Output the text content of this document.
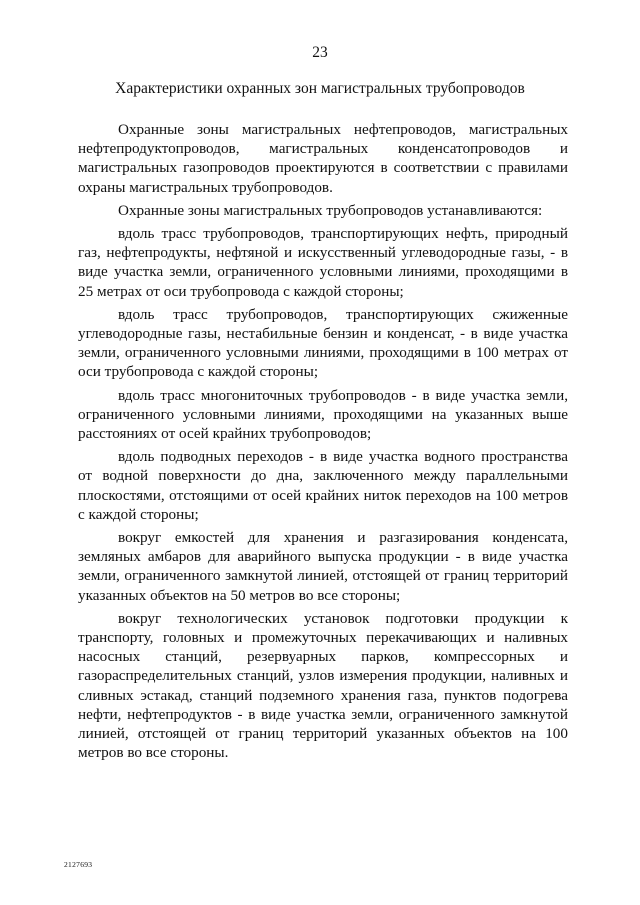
23
Характеристики охранных зон магистральных трубопроводов

Охранные зоны магистральных нефтепроводов, магистральных нефтепродуктопроводов, магистральных конденсатопроводов и магистральных газопроводов проектируются в соответствии с правилами охраны магистральных трубопроводов.

Охранные зоны магистральных трубопроводов устанавливаются:

вдоль трасс трубопроводов, транспортирующих нефть, природный газ, нефтепродукты, нефтяной и искусственный углеводородные газы, - в виде участка земли, ограниченного условными линиями, проходящими в 25 метрах от оси трубопровода с каждой стороны;

вдоль трасс трубопроводов, транспортирующих сжиженные углеводородные газы, нестабильные бензин и конденсат, - в виде участка земли, ограниченного условными линиями, проходящими в 100 метрах от оси трубопровода с каждой стороны;

вдоль трасс многониточных трубопроводов - в виде участка земли, ограниченного условными линиями, проходящими на указанных выше расстояниях от осей крайних трубопроводов;

вдоль подводных переходов - в виде участка водного пространства от водной поверхности до дна, заключенного между параллельными плоскостями, отстоящими от осей крайних ниток переходов на 100 метров с каждой стороны;

вокруг емкостей для хранения и разгазирования конденсата, земляных амбаров для аварийного выпуска продукции - в виде участка земли, ограниченного замкнутой линией, отстоящей от границ территорий указанных объектов на 50 метров во все стороны;

вокруг технологических установок подготовки продукции к транспорту, головных и промежуточных перекачивающих и наливных насосных станций, резервуарных парков, компрессорных и газораспределительных станций, узлов измерения продукции, наливных и сливных эстакад, станций подземного хранения газа, пунктов подогрева нефти, нефтепродуктов - в виде участка земли, ограниченного замкнутой линией, отстоящей от границ территорий указанных объектов на 100 метров во все стороны.

2127693
